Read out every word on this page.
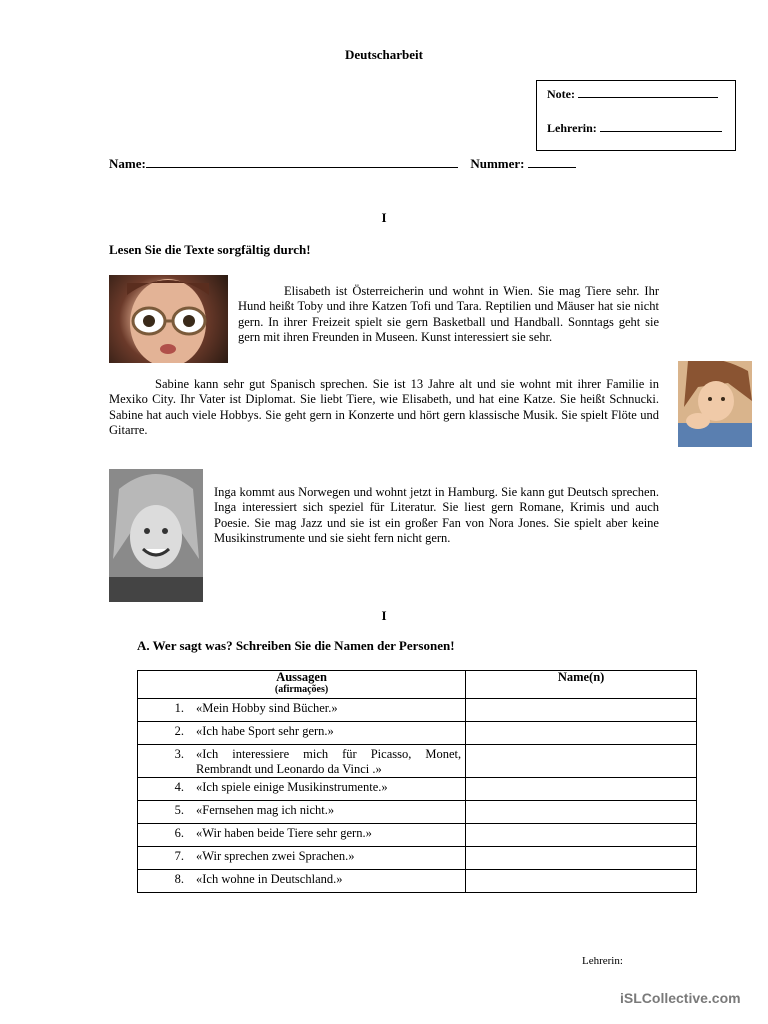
Deutscharbeit
Note:
Lehrerin:
Name:	Nummer:
I
Lesen Sie die Texte sorgfältig durch!
Elisabeth ist Österreicherin und wohnt in Wien. Sie mag Tiere sehr. Ihr Hund heißt Toby und ihre Katzen Tofi und Tara. Reptilien und Mäuser hat sie nicht gern. In ihrer Freizeit spielt sie gern Basketball und Handball. Sonntags geht sie gern mit ihren Freunden in Museen. Kunst interessiert sie sehr.
Sabine kann sehr gut Spanisch sprechen. Sie ist 13 Jahre alt und sie wohnt mit ihrer Familie in Mexiko City. Ihr Vater ist Diplomat. Sie liebt Tiere, wie Elisabeth, und hat eine Katze. Sie heißt Schnucki. Sabine hat auch viele Hobbys. Sie geht gern in Konzerte und hört gern klassische Musik. Sie spielt Flöte und Gitarre.
Inga kommt aus Norwegen und wohnt jetzt in Hamburg. Sie kann gut Deutsch sprechen. Inga interessiert sich speziel für Literatur. Sie liest gern Romane, Krimis und auch Poesie. Sie mag Jazz und sie ist ein großer Fan von Nora Jones. Sie spielt aber keine Musikinstrumente und sie sieht fern nicht gern.
I
A. Wer sagt was? Schreiben Sie die Namen der Personen!
Aussagen
(afirmações)	Name(n)

1. «Mein Hobby sind Bücher.»	

2. «Ich habe Sport sehr gern.»	

3. «Ich interessiere mich für Picasso, Monet, Rembrandt und Leonardo da Vinci .»	

4. «Ich spiele einige Musikinstrumente.»	

5. «Fernsehen mag ich nicht.»	

6. «Wir haben beide Tiere sehr gern.»	

7. «Wir sprechen zwei Sprachen.»	

8. «Ich wohne in Deutschland.»	

Lehrerin:
iSLCollective.com
